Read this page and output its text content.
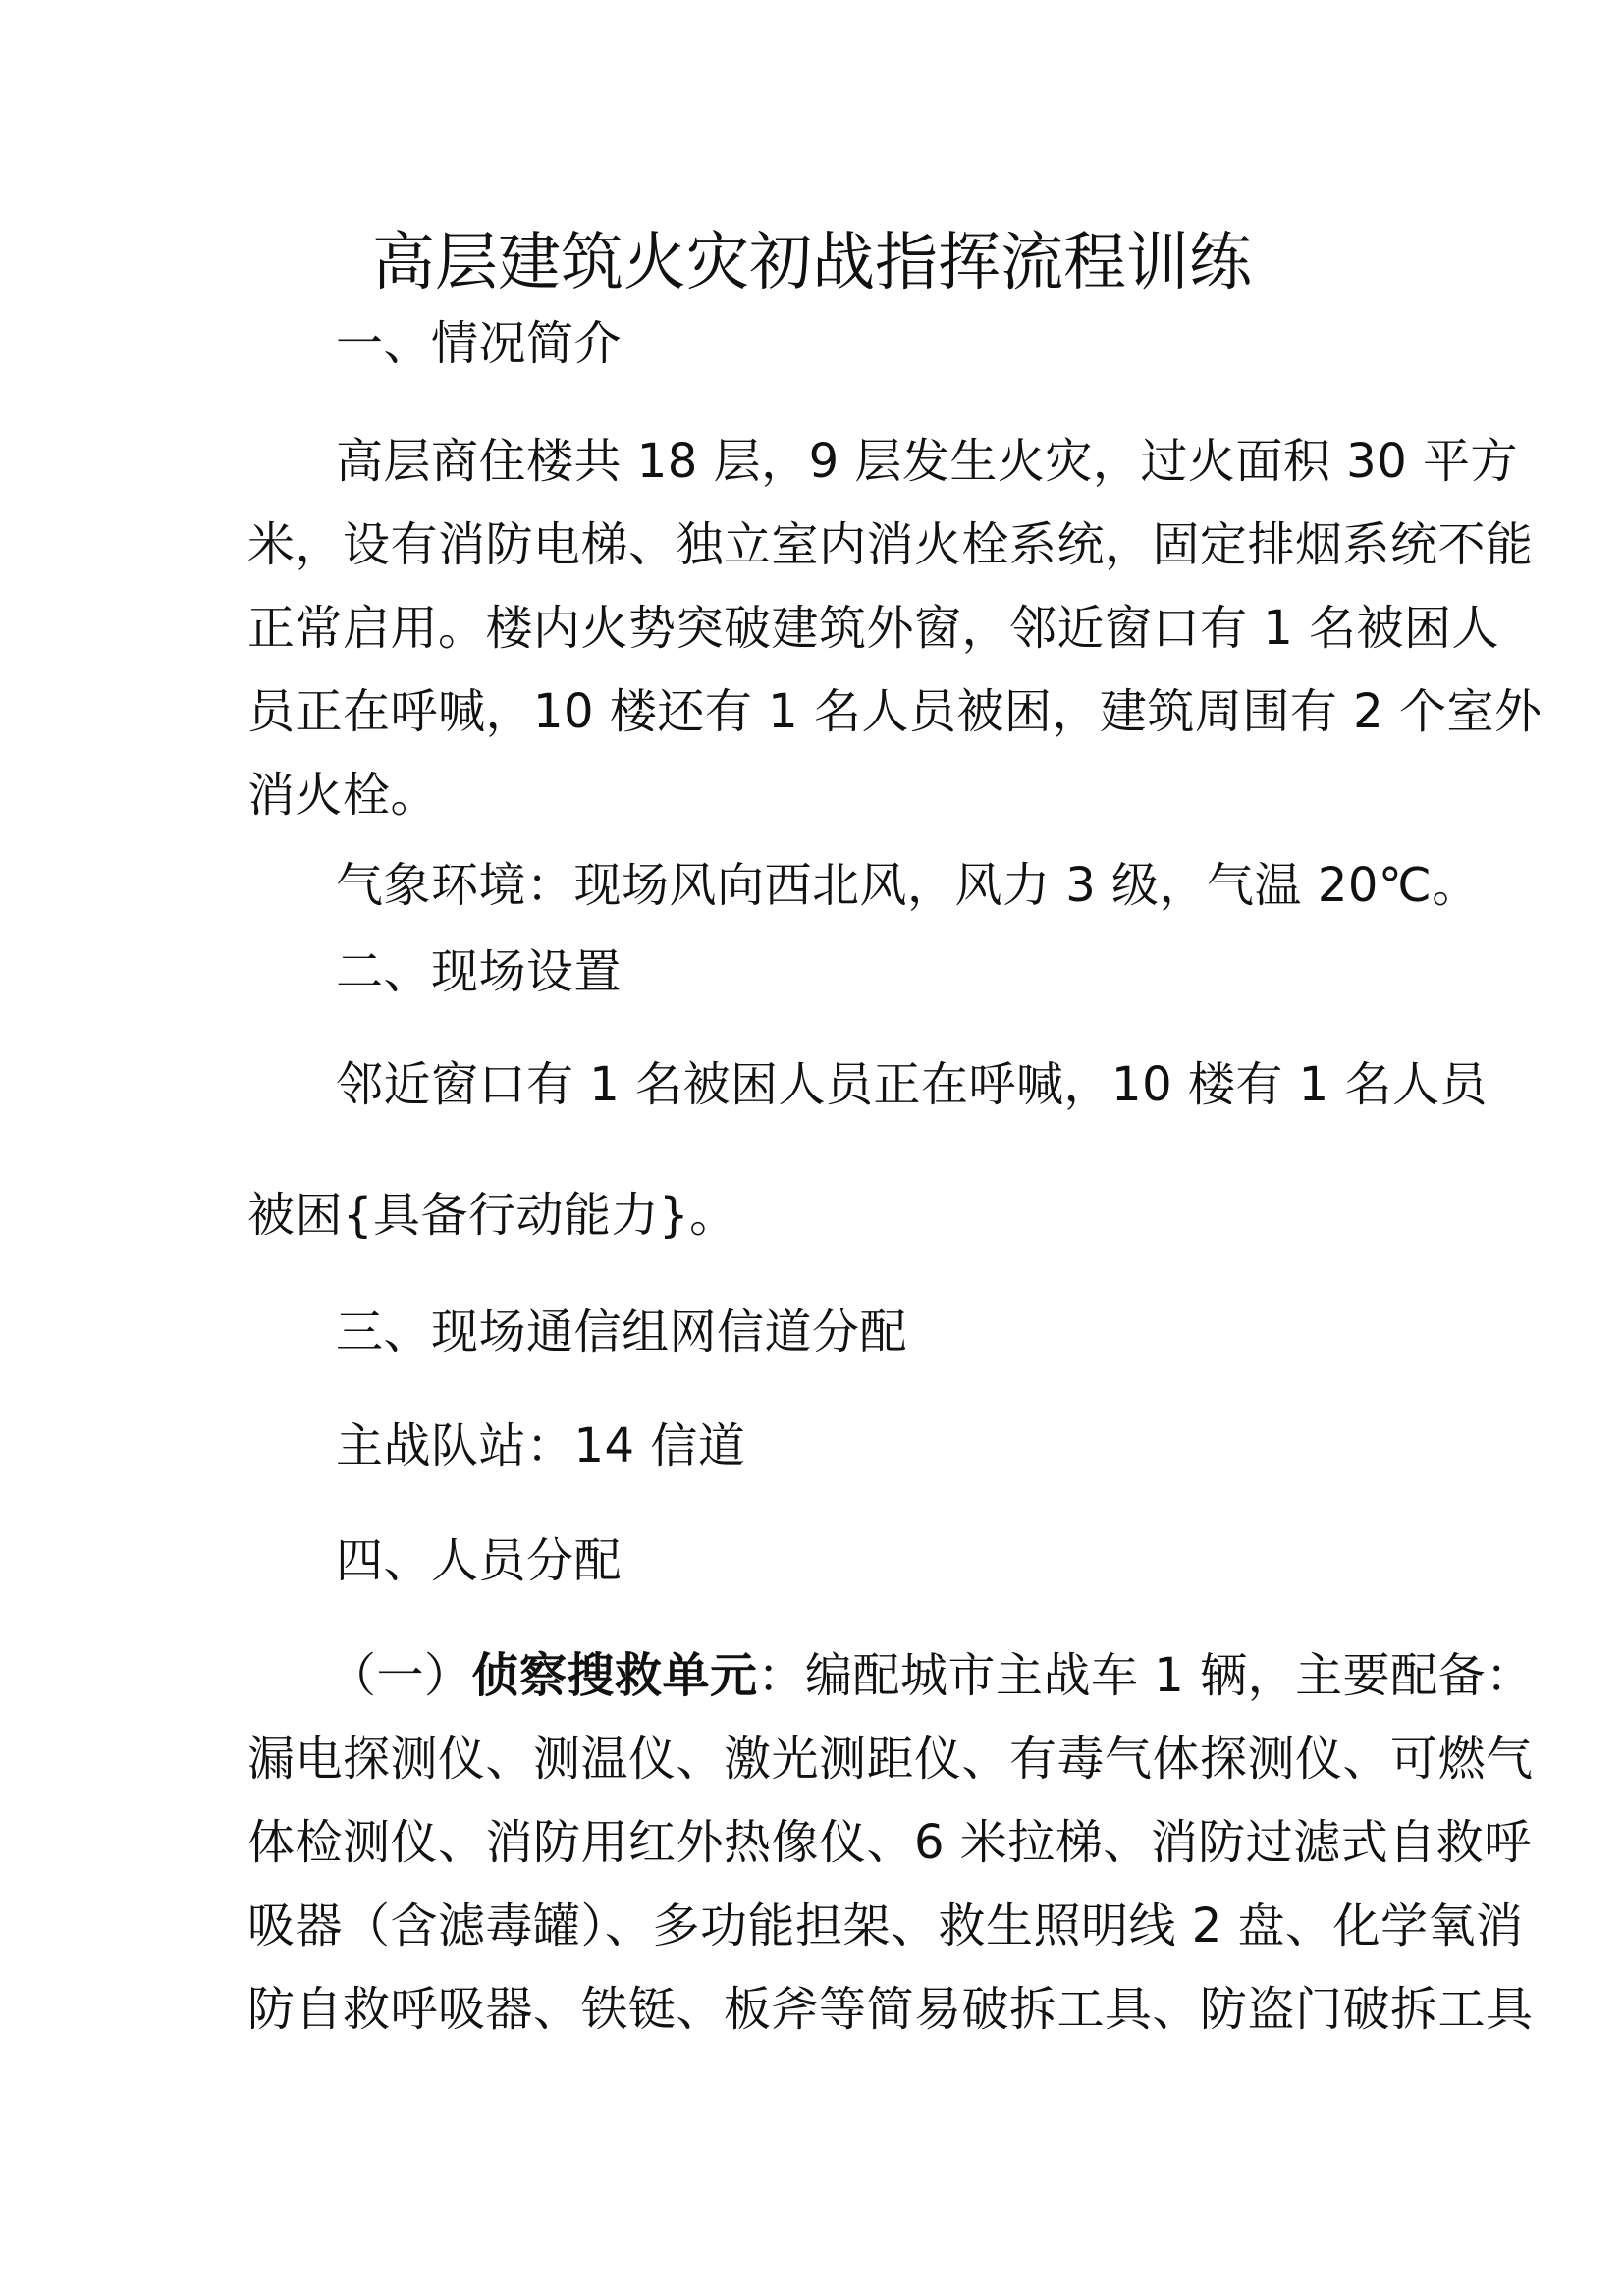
高层建筑火灾初战指挥流程训练
一、情况简介
高层商住楼共 18 层，9 层发生火灾，过火面积 30 平方
米，设有消防电梯、独立室内消火栓系统，固定排烟系统不能
正常启用。楼内火势突破建筑外窗，邻近窗口有 1 名被困人
员正在呼喊，10 楼还有 1 名人员被困，建筑周围有 2 个室外
消火栓。
气象环境：现场风向西北风，风力 3 级，气温 20℃。
二、现场设置
邻近窗口有 1 名被困人员正在呼喊，10 楼有 1 名人员
被困{具备行动能力}。
三、现场通信组网信道分配
主战队站：14 信道
四、人员分配
（一）侦察搜救单元：编配城市主战车 1 辆，主要配备：
漏电探测仪、测温仪、激光测距仪、有毒气体探测仪、可燃气
体检测仪、消防用红外热像仪、6 米拉梯、消防过滤式自救呼
吸器（含滤毒罐）、多功能担架、救生照明线 2 盘、化学氧消
防自救呼吸器、铁铤、板斧等简易破拆工具、防盗门破拆工具
